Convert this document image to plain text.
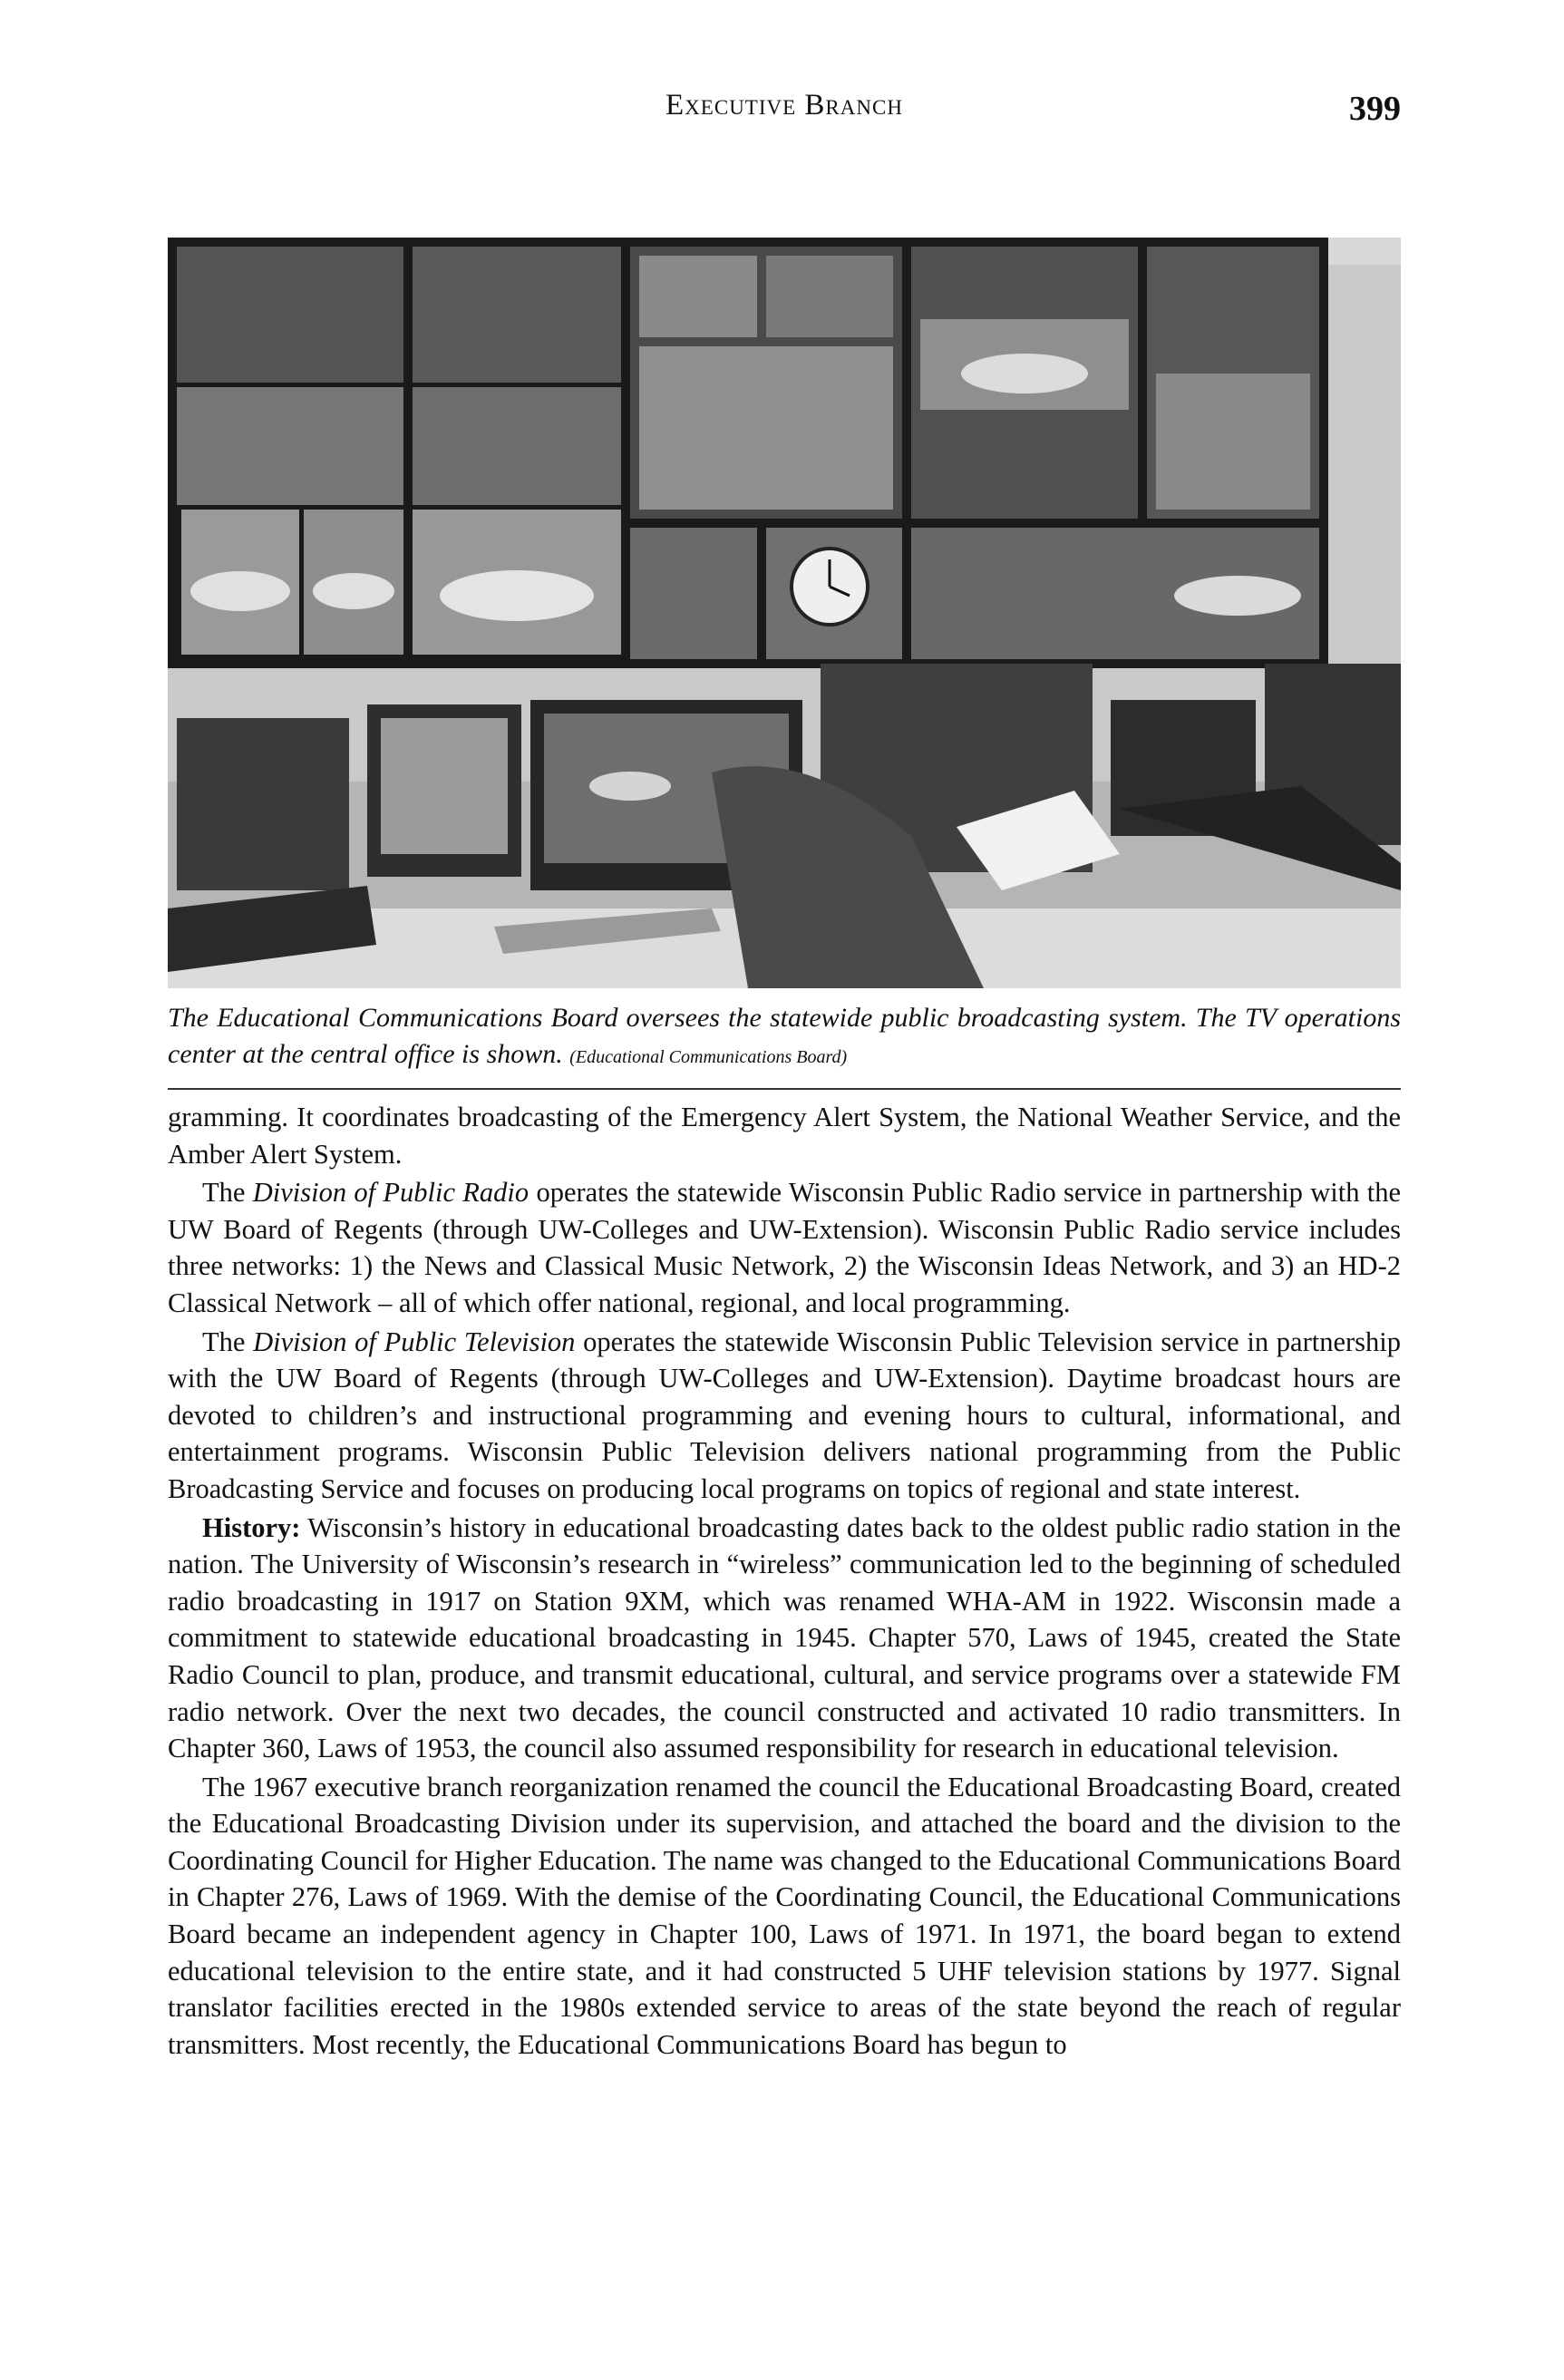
Executive Branch	399
The Educational Communications Board oversees the statewide public broadcasting system. The TV operations center at the central office is shown. (Educational Communications Board)

gramming. It coordinates broadcasting of the Emergency Alert System, the National Weather Service, and the Amber Alert System.

The Division of Public Radio operates the statewide Wisconsin Public Radio service in partnership with the UW Board of Regents (through UW-Colleges and UW-Extension). Wisconsin Public Radio service includes three networks: 1) the News and Classical Music Network, 2) the Wisconsin Ideas Network, and 3) an HD-2 Classical Network – all of which offer national, regional, and local programming.

The Division of Public Television operates the statewide Wisconsin Public Television service in partnership with the UW Board of Regents (through UW-Colleges and UW-Extension). Daytime broadcast hours are devoted to children’s and instructional programming and evening hours to cultural, informational, and entertainment programs. Wisconsin Public Television delivers national programming from the Public Broadcasting Service and focuses on producing local programs on topics of regional and state interest.

History: Wisconsin’s history in educational broadcasting dates back to the oldest public radio station in the nation. The University of Wisconsin’s research in “wireless” communication led to the beginning of scheduled radio broadcasting in 1917 on Station 9XM, which was renamed WHA-AM in 1922. Wisconsin made a commitment to statewide educational broadcasting in 1945. Chapter 570, Laws of 1945, created the State Radio Council to plan, produce, and transmit educational, cultural, and service programs over a statewide FM radio network. Over the next two decades, the council constructed and activated 10 radio transmitters. In Chapter 360, Laws of 1953, the council also assumed responsibility for research in educational television.

The 1967 executive branch reorganization renamed the council the Educational Broadcasting Board, created the Educational Broadcasting Division under its supervision, and attached the board and the division to the Coordinating Council for Higher Education. The name was changed to the Educational Communications Board in Chapter 276, Laws of 1969. With the demise of the Coordinating Council, the Educational Communications Board became an independent agency in Chapter 100, Laws of 1971. In 1971, the board began to extend educational television to the entire state, and it had constructed 5 UHF television stations by 1977. Signal translator facilities erected in the 1980s extended service to areas of the state beyond the reach of regular transmitters. Most recently, the Educational Communications Board has begun to
